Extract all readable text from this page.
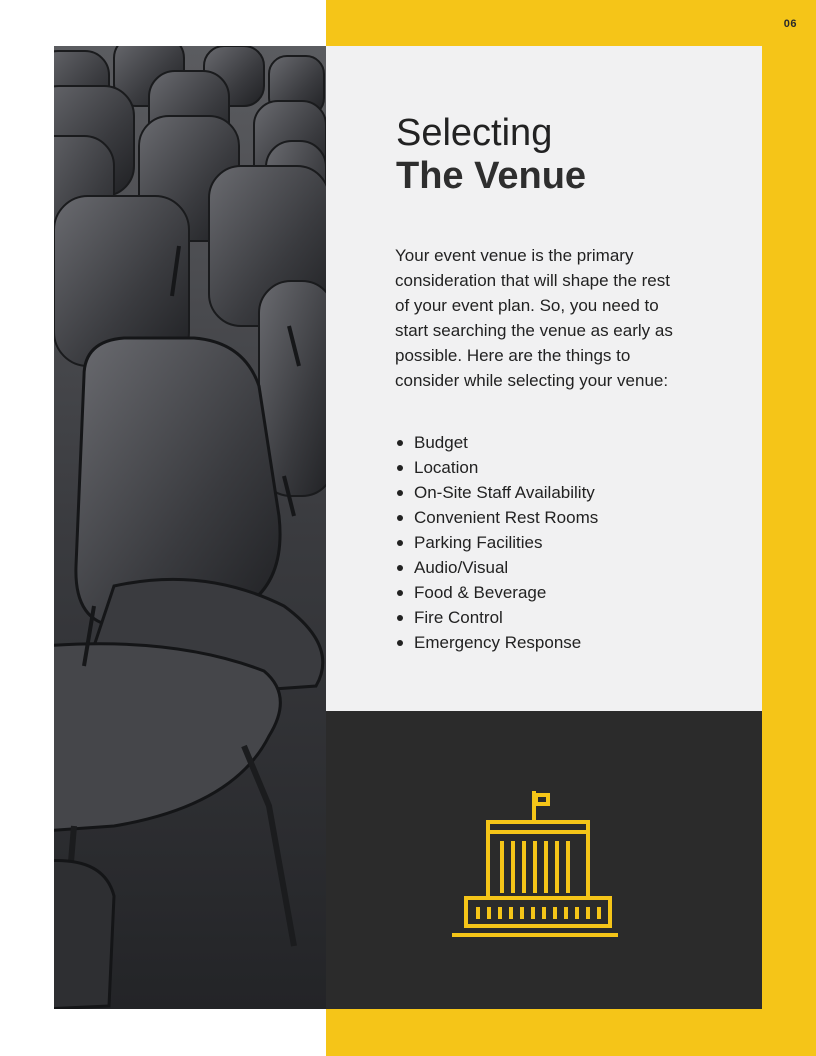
06
Selecting
The Venue

Your event venue is the primary consideration that will shape the rest of your event plan. So, you need to start searching the venue as early as possible. Here are the things to consider while selecting your venue:

Budget
Location
On-Site Staff Availability
Convenient Rest Rooms
Parking Facilities
Audio/Visual
Food & Beverage
Fire Control
Emergency Response
